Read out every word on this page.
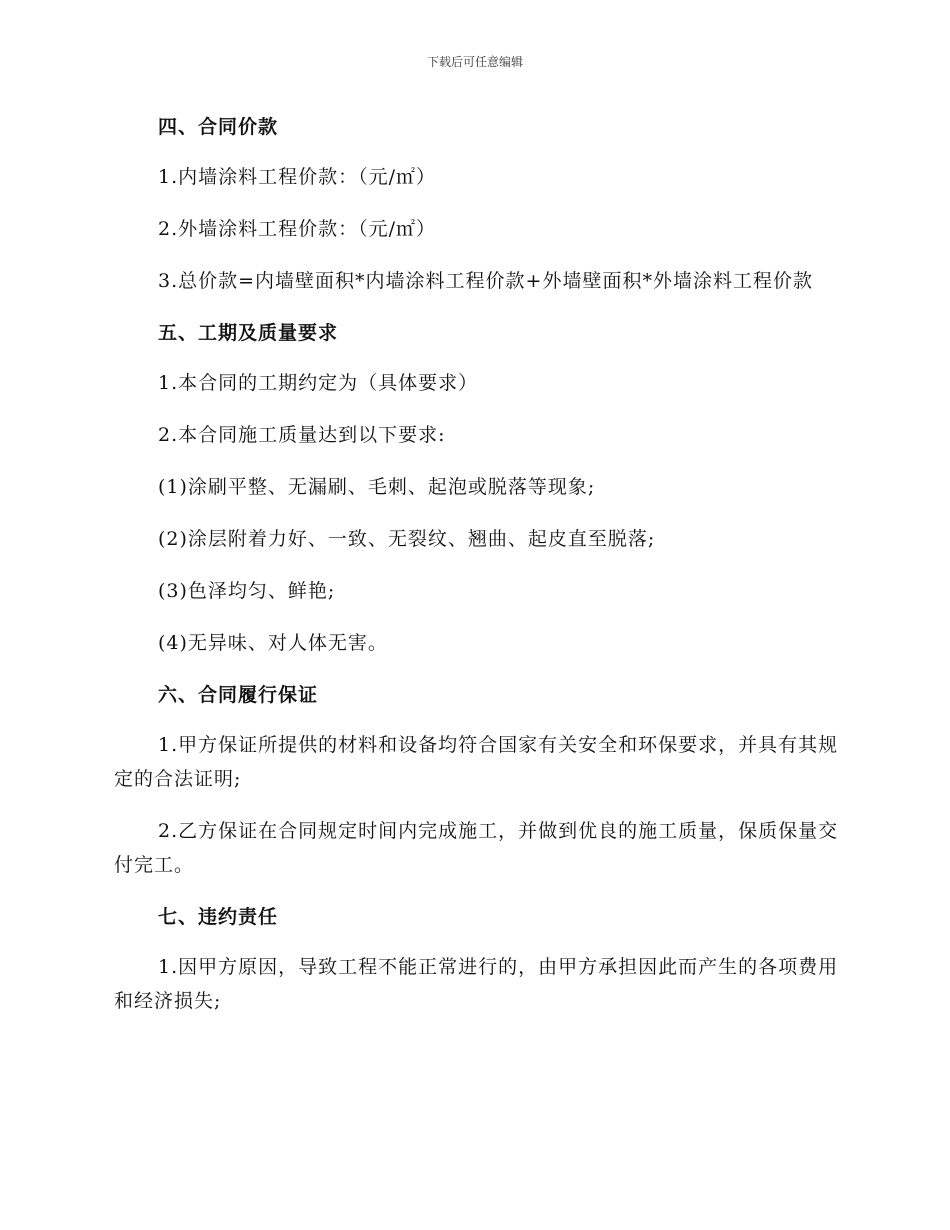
下载后可任意编辑

四、合同价款

1.内墙涂料工程价款：（元/㎡）

2.外墙涂料工程价款：（元/㎡）

3.总价款=内墙壁面积*内墙涂料工程价款+外墙壁面积*外墙涂料工程价款

五、工期及质量要求

1.本合同的工期约定为（具体要求）

2.本合同施工质量达到以下要求:

(1)涂刷平整、无漏刷、毛刺、起泡或脱落等现象;

(2)涂层附着力好、一致、无裂纹、翘曲、起皮直至脱落;

(3)色泽均匀、鲜艳;

(4)无异味、对人体无害。

六、合同履行保证

1.甲方保证所提供的材料和设备均符合国家有关安全和环保要求，并具有其规定的合法证明;

2.乙方保证在合同规定时间内完成施工，并做到优良的施工质量，保质保量交付完工。

七、违约责任

1.因甲方原因，导致工程不能正常进行的，由甲方承担因此而产生的各项费用和经济损失;
